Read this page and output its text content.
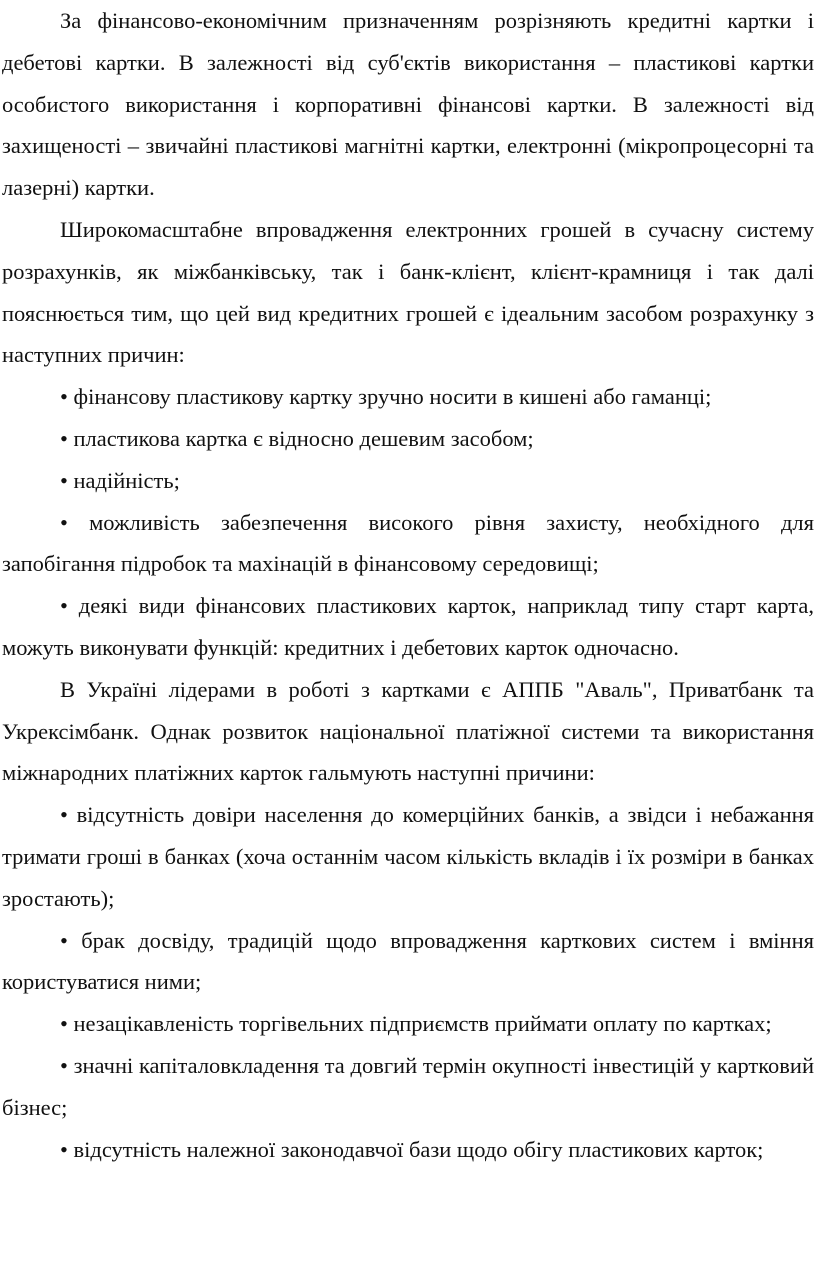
За фінансово-економічним призначенням розрізняють кредитні картки і дебетові картки. В залежності від суб'єктів використання – пластикові картки особистого використання і корпоративні фінансові картки. В залежності від захищеності – звичайні пластикові магнітні картки, електронні (мікропроцесорні та лазерні) картки.

Широкомасштабне впровадження електронних грошей в сучасну систему розрахунків, як міжбанківську, так і банк-клієнт, клієнт-крамниця і так далі пояснюється тим, що цей вид кредитних грошей є ідеальним засобом розрахунку з наступних причин:

• фінансову пластикову картку зручно носити в кишені або гаманці;

• пластикова картка є відносно дешевим засобом;

• надійність;

• можливість забезпечення високого рівня захисту, необхідного для запобігання підробок та махінацій в фінансовому середовищі;

• деякі види фінансових пластикових карток, наприклад типу старт карта, можуть виконувати функцій: кредитних і дебетових карток одночасно.

В Україні лідерами в роботі з картками є АППБ "Аваль", Приватбанк та Укрексімбанк. Однак розвиток національної платіжної системи та використання міжнародних платіжних карток гальмують наступні причини:

• відсутність довіри населення до комерційних банків, а звідси і небажання тримати гроші в банках (хоча останнім часом кількість вкладів і їх розміри в банках зростають);

• брак досвіду, традицій щодо впровадження карткових систем і вміння користуватися ними;

• незацікавленість торгівельних підприємств приймати оплату по картках;

• значні капіталовкладення та довгий термін окупності інвестицій у картковий бізнес;

• відсутність належної законодавчої бази щодо обігу пластикових карток;
